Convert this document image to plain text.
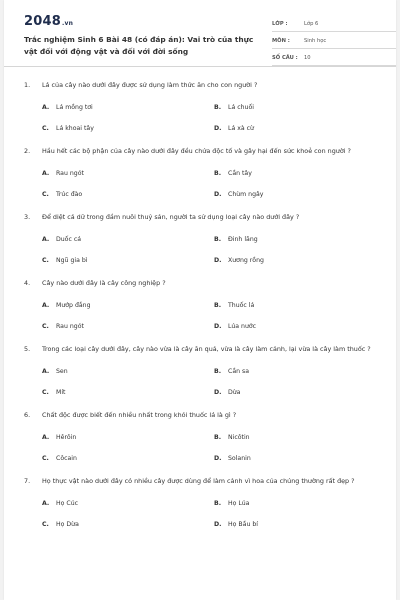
2048.vn
Trắc nghiệm Sinh 6 Bài 48 (có đáp án): Vai trò của thực vật đối với động vật và đối với đời sống
LỚP :	Lớp 6
MÔN :	Sinh học
SỐ CÂU :	10
1.	Lá của cây nào dưới đây được sử dụng làm thức ăn cho con người ?
A.	Lá mồng tơi	B.	Lá chuối
C.	Lá khoai tây	D.	Lá xà cừ
2.	Hầu hết các bộ phận của cây nào dưới đây đều chứa độc tố và gây hại đến sức khoẻ con người ?
A.	Rau ngót	B.	Cần tây
C.	Trúc đào	D.	Chùm ngây
3.	Để diệt cá dữ trong đầm nuôi thuỷ sản, người ta sử dụng loại cây nào dưới đây ?
A.	Duốc cá	B.	Đinh lăng
C.	Ngũ gia bì	D.	Xương rồng
4.	Cây nào dưới đây là cây công nghiệp ?
A.	Mướp đắng	B.	Thuốc lá
C.	Rau ngót	D.	Lúa nước
5.	Trong các loại cây dưới đây, cây nào vừa là cây ăn quả, vừa là cây làm cảnh, lại vừa là cây làm thuốc ?
A.	Sen	B.	Cần sa
C.	Mít	D.	Dừa
6.	Chất độc được biết đến nhiều nhất trong khói thuốc lá là gì ?
A.	Hêrôin	B.	Nicôtin
C.	Côcain	D.	Solanin
7.	Họ thực vật nào dưới đây có nhiều cây được dùng để làm cảnh vì hoa của chúng thường rất đẹp ?
A.	Họ Cúc	B.	Họ Lúa
C.	Họ Dừa	D.	Họ Bầu bí
